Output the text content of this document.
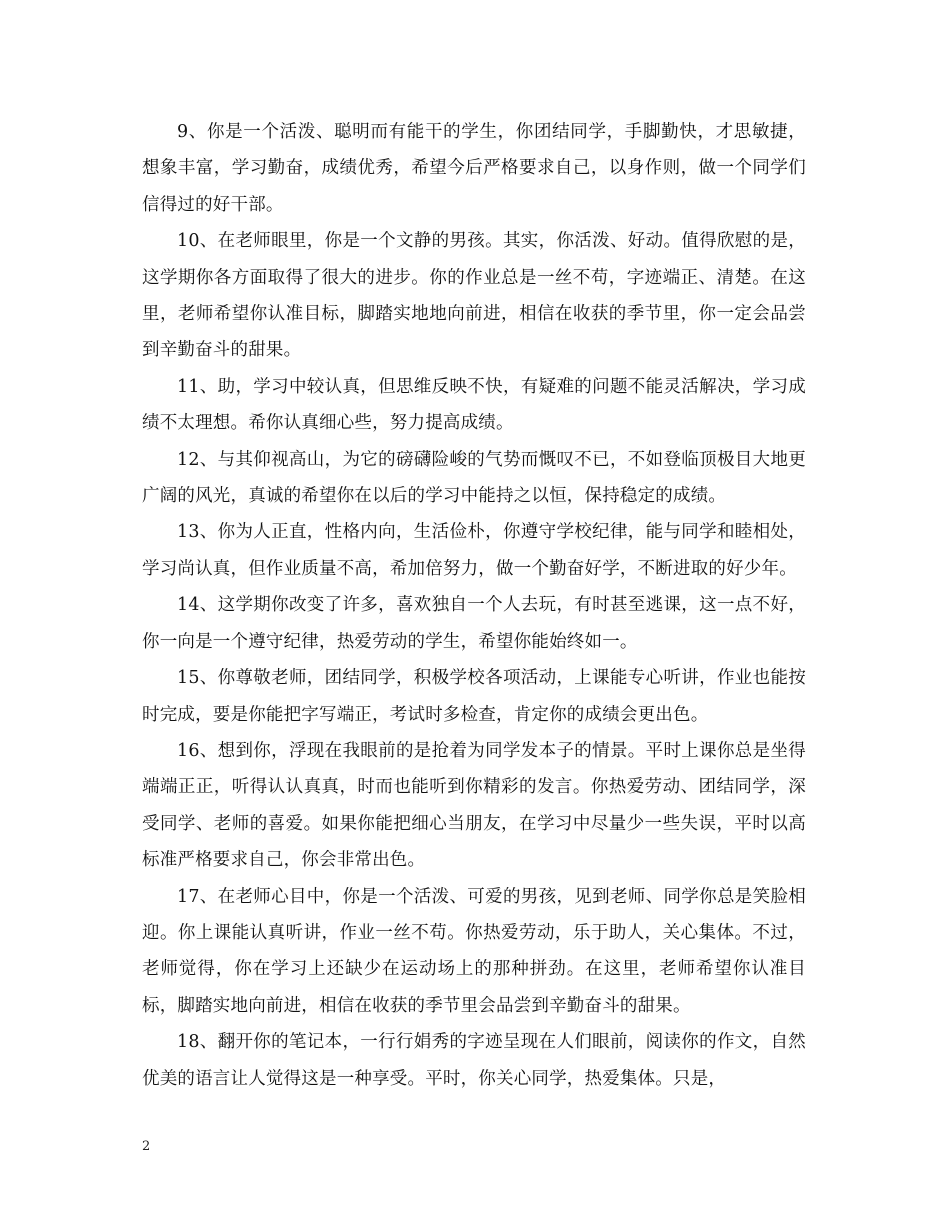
9、你是一个活泼、聪明而有能干的学生，你团结同学，手脚勤快，才思敏捷，想象丰富，学习勤奋，成绩优秀，希望今后严格要求自己，以身作则，做一个同学们信得过的好干部。

10、在老师眼里，你是一个文静的男孩。其实，你活泼、好动。值得欣慰的是，这学期你各方面取得了很大的进步。你的作业总是一丝不苟，字迹端正、清楚。在这里，老师希望你认准目标，脚踏实地地向前进，相信在收获的季节里，你一定会品尝到辛勤奋斗的甜果。

11、助，学习中较认真，但思维反映不快，有疑难的问题不能灵活解决，学习成绩不太理想。希你认真细心些，努力提高成绩。

12、与其仰视高山，为它的磅礴险峻的气势而慨叹不已，不如登临顶极目大地更广阔的风光，真诚的希望你在以后的学习中能持之以恒，保持稳定的成绩。

13、你为人正直，性格内向，生活俭朴，你遵守学校纪律，能与同学和睦相处，学习尚认真，但作业质量不高，希加倍努力，做一个勤奋好学，不断进取的好少年。

14、这学期你改变了许多，喜欢独自一个人去玩，有时甚至逃课，这一点不好，你一向是一个遵守纪律，热爱劳动的学生，希望你能始终如一。

15、你尊敬老师，团结同学，积极学校各项活动，上课能专心听讲，作业也能按时完成，要是你能把字写端正，考试时多检查，肯定你的成绩会更出色。

16、想到你，浮现在我眼前的是抢着为同学发本子的情景。平时上课你总是坐得端端正正，听得认认真真，时而也能听到你精彩的发言。你热爱劳动、团结同学，深受同学、老师的喜爱。如果你能把细心当朋友，在学习中尽量少一些失误，平时以高标准严格要求自己，你会非常出色。

17、在老师心目中，你是一个活泼、可爱的男孩，见到老师、同学你总是笑脸相迎。你上课能认真听讲，作业一丝不苟。你热爱劳动，乐于助人，关心集体。不过，老师觉得，你在学习上还缺少在运动场上的那种拼劲。在这里，老师希望你认准目标，脚踏实地向前进，相信在收获的季节里会品尝到辛勤奋斗的甜果。

18、翻开你的笔记本，一行行娟秀的字迹呈现在人们眼前，阅读你的作文，自然优美的语言让人觉得这是一种享受。平时，你关心同学，热爱集体。只是，

2
